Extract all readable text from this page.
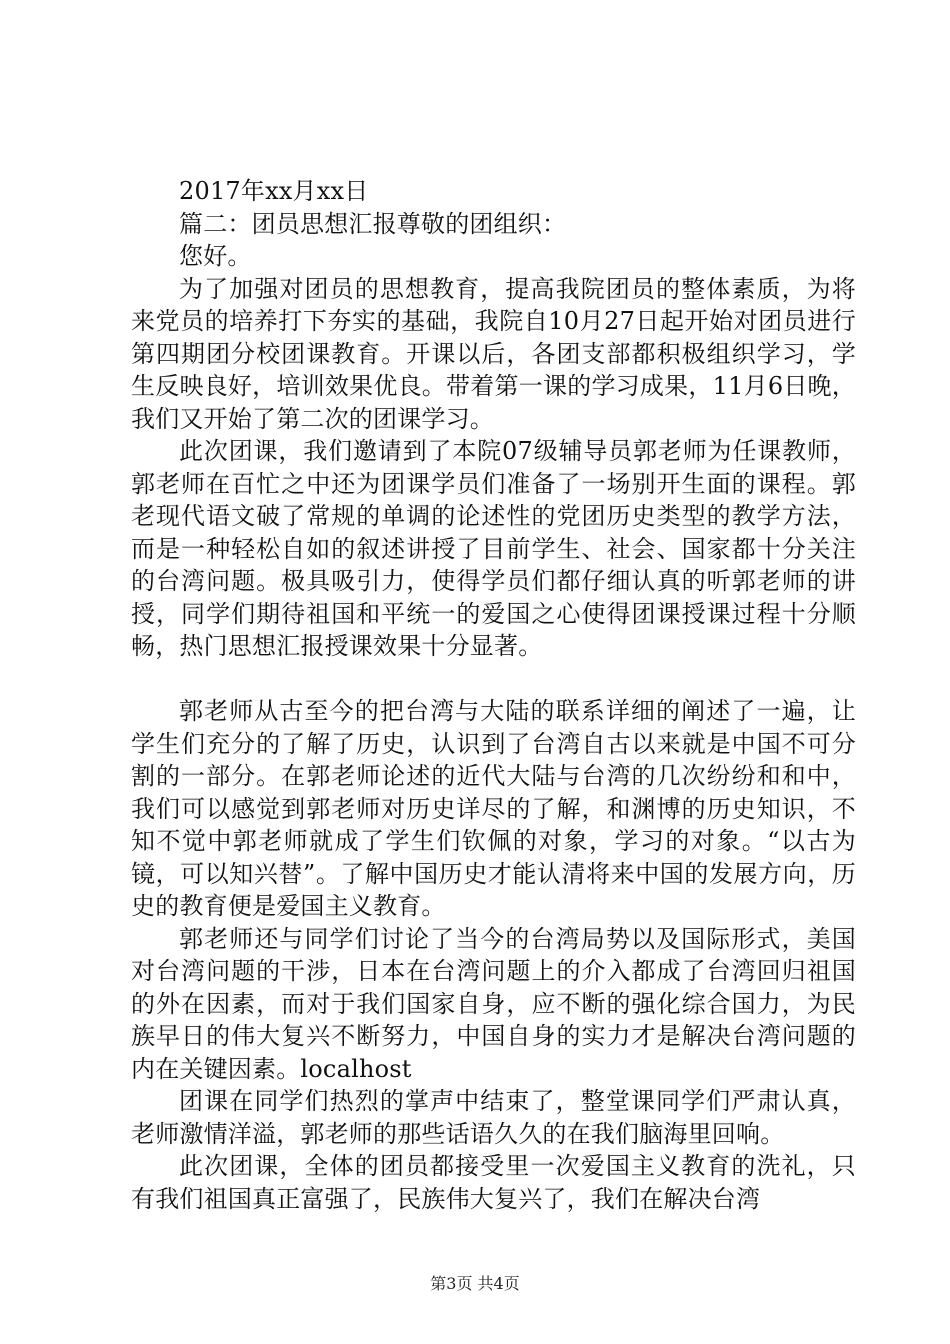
2017年xx月xx日

篇二：团员思想汇报尊敬的团组织：

您好。

为了加强对团员的思想教育，提高我院团员的整体素质，为将来党员的培养打下夯实的基础，我院自10月27日起开始对团员进行第四期团分校团课教育。开课以后，各团支部都积极组织学习，学生反映良好，培训效果优良。带着第一课的学习成果，11月6日晚，我们又开始了第二次的团课学习。

此次团课，我们邀请到了本院07级辅导员郭老师为任课教师，郭老师在百忙之中还为团课学员们准备了一场别开生面的课程。郭老现代语文破了常规的单调的论述性的党团历史类型的教学方法，而是一种轻松自如的叙述讲授了目前学生、社会、国家都十分关注的台湾问题。极具吸引力，使得学员们都仔细认真的听郭老师的讲授，同学们期待祖国和平统一的爱国之心使得团课授课过程十分顺畅，热门思想汇报授课效果十分显著。

郭老师从古至今的把台湾与大陆的联系详细的阐述了一遍，让学生们充分的了解了历史，认识到了台湾自古以来就是中国不可分割的一部分。在郭老师论述的近代大陆与台湾的几次纷纷和和中，我们可以感觉到郭老师对历史详尽的了解，和渊博的历史知识，不知不觉中郭老师就成了学生们钦佩的对象，学习的对象。“以古为镜，可以知兴替”。了解中国历史才能认清将来中国的发展方向，历史的教育便是爱国主义教育。

郭老师还与同学们讨论了当今的台湾局势以及国际形式，美国对台湾问题的干涉，日本在台湾问题上的介入都成了台湾回归祖国的外在因素，而对于我们国家自身，应不断的强化综合国力，为民族早日的伟大复兴不断努力，中国自身的实力才是解决台湾问题的内在关键因素。localhost

团课在同学们热烈的掌声中结束了，整堂课同学们严肃认真，老师激情洋溢，郭老师的那些话语久久的在我们脑海里回响。

此次团课，全体的团员都接受里一次爱国主义教育的洗礼，只有我们祖国真正富强了，民族伟大复兴了，我们在解决台湾

第3页 共4页
